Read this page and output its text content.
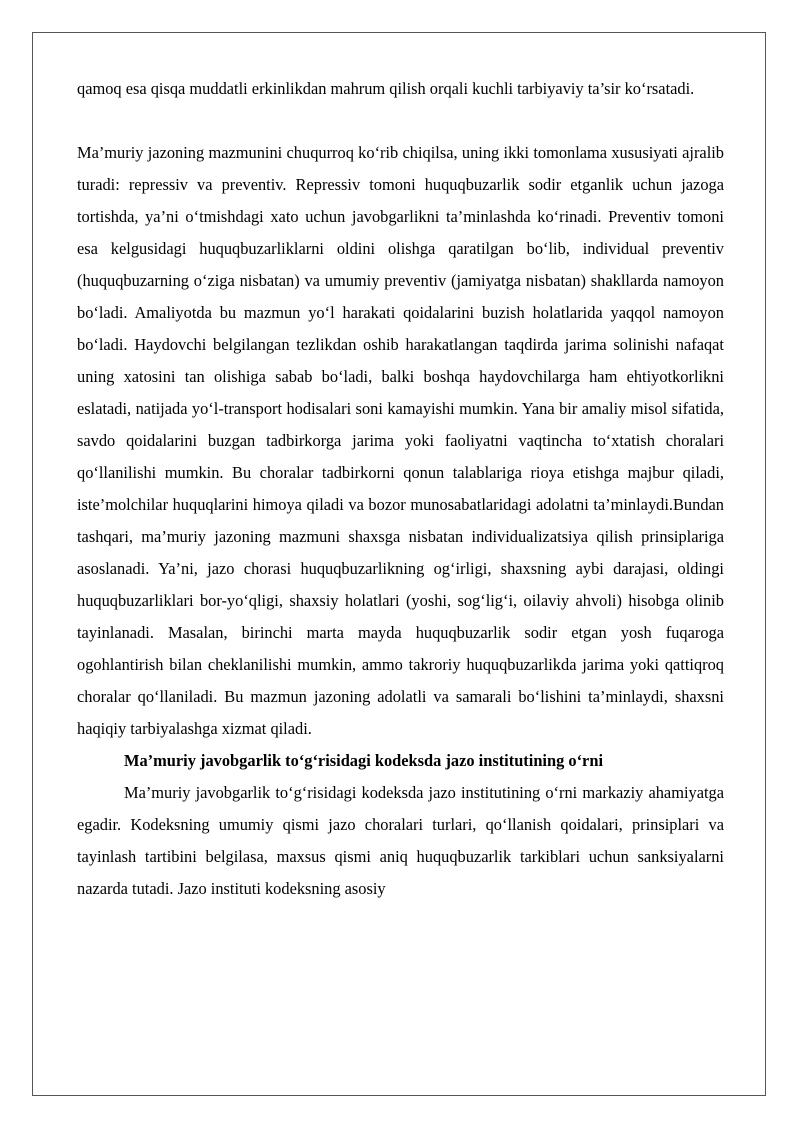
qamoq esa qisqa muddatli erkinlikdan mahrum qilish orqali kuchli tarbiyaviy ta’sir ko‘rsatadi.

Ma’muriy jazoning mazmunini chuqurroq ko‘rib chiqilsa, uning ikki tomonlama xususiyati ajralib turadi: repressiv va preventiv. Repressiv tomoni huquqbuzarlik sodir etganlik uchun jazoga tortishda, ya’ni o‘tmishdagi xato uchun javobgarlikni ta’minlashda ko‘rinadi. Preventiv tomoni esa kelgusidagi huquqbuzarliklarni oldini olishga qaratilgan bo‘lib, individual preventiv (huquqbuzarning o‘ziga nisbatan) va umumiy preventiv (jamiyatga nisbatan) shakllarda namoyon bo‘ladi. Amaliyotda bu mazmun yo‘l harakati qoidalarini buzish holatlarida yaqqol namoyon bo‘ladi. Haydovchi belgilangan tezlikdan oshib harakatlangan taqdirda jarima solinishi nafaqat uning xatosini tan olishiga sabab bo‘ladi, balki boshqa haydovchilarga ham ehtiyotkorlikni eslatadi, natijada yo‘l-transport hodisalari soni kamayishi mumkin. Yana bir amaliy misol sifatida, savdo qoidalarini buzgan tadbirkorga jarima yoki faoliyatni vaqtincha to‘xtatish choralari qo‘llanilishi mumkin. Bu choralar tadbirkorni qonun talablariga rioya etishga majbur qiladi, iste’molchilar huquqlarini himoya qiladi va bozor munosabatlaridagi adolatni ta’minlaydi.Bundan tashqari, ma’muriy jazoning mazmuni shaxsga nisbatan individualizatsiya qilish prinsiplariga asoslanadi. Ya’ni, jazo chorasi huquqbuzarlikning og‘irligi, shaxsning aybi darajasi, oldingi huquqbuzarliklari bor-yo‘qligi, shaxsiy holatlari (yoshi, sog‘lig‘i, oilaviy ahvoli) hisobga olinib tayinlanadi. Masalan, birinchi marta mayda huquqbuzarlik sodir etgan yosh fuqaroga ogohlantirish bilan cheklanilishi mumkin, ammo takroriy huquqbuzarlikda jarima yoki qattiqroq choralar qo‘llaniladi. Bu mazmun jazoning adolatli va samarali bo‘lishini ta’minlaydi, shaxsni haqiqiy tarbiyalashga xizmat qiladi.

Ma’muriy javobgarlik to‘g‘risidagi kodeksda jazo institutining o‘rni

Ma’muriy javobgarlik to‘g‘risidagi kodeksda jazo institutining o‘rni markaziy ahamiyatga egadir. Kodeksning umumiy qismi jazo choralari turlari, qo‘llanish qoidalari, prinsiplari va tayinlash tartibini belgilasa, maxsus qismi aniq huquqbuzarlik tarkiblari uchun sanksiyalarni nazarda tutadi. Jazo instituti kodeksning asosiy
